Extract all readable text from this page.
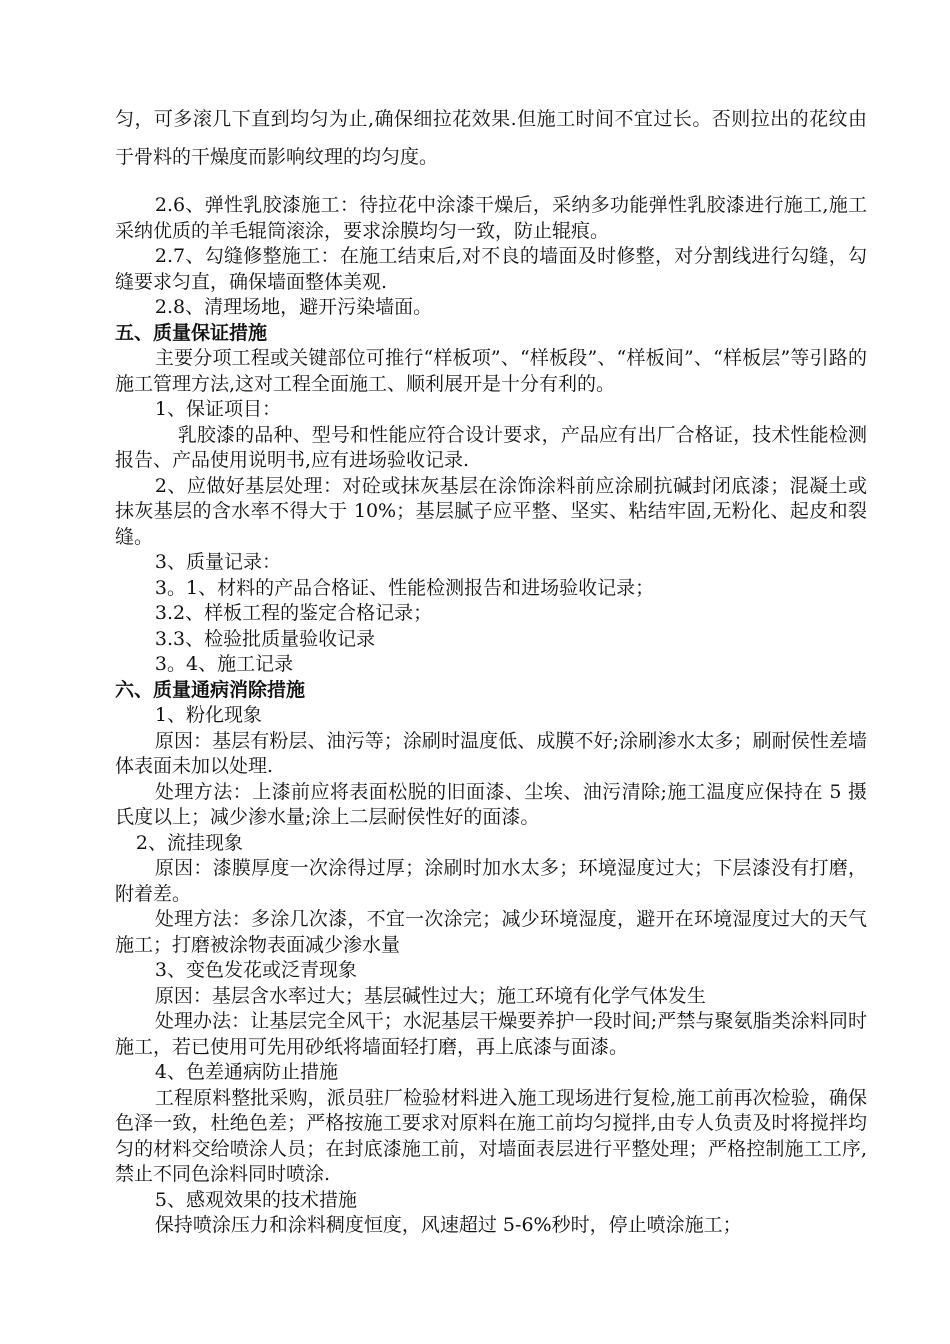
匀，可多滚几下直到均匀为止,确保细拉花效果.但施工时间不宜过长。否则拉出的花纹由于骨料的干燥度而影响纹理的均匀度。

2.6、弹性乳胶漆施工：待拉花中涂漆干燥后，采纳多功能弹性乳胶漆进行施工,施工采纳优质的羊毛辊筒滚涂，要求涂膜均匀一致，防止辊痕。

2.7、勾缝修整施工：在施工结束后,对不良的墙面及时修整，对分割线进行勾缝，勾缝要求匀直，确保墙面整体美观.

2.8、清理场地，避开污染墙面。

五、质量保证措施

主要分项工程或关键部位可推行“样板项”、“样板段”、“样板间”、“样板层”等引路的施工管理方法,这对工程全面施工、顺利展开是十分有利的。

1、保证项目：

乳胶漆的品种、型号和性能应符合设计要求，产品应有出厂合格证，技术性能检测报告、产品使用说明书,应有进场验收记录.

2、应做好基层处理：对砼或抹灰基层在涂饰涂料前应涂刷抗碱封闭底漆；混凝土或抹灰基层的含水率不得大于 10%；基层腻子应平整、坚实、粘结牢固,无粉化、起皮和裂缝。

3、质量记录：

3。1、材料的产品合格证、性能检测报告和进场验收记录；

3.2、样板工程的鉴定合格记录；

3.3、检验批质量验收记录

3。4、施工记录

六、质量通病消除措施

1、粉化现象

原因：基层有粉层、油污等；涂刷时温度低、成膜不好;涂刷渗水太多；刷耐侯性差墙体表面未加以处理.

处理方法：上漆前应将表面松脱的旧面漆、尘埃、油污清除;施工温度应保持在 5 摄氏度以上；减少渗水量;涂上二层耐侯性好的面漆。

2、流挂现象

原因：漆膜厚度一次涂得过厚；涂刷时加水太多；环境湿度过大；下层漆没有打磨，附着差。

处理方法：多涂几次漆，不宜一次涂完；减少环境湿度，避开在环境湿度过大的天气施工；打磨被涂物表面减少渗水量

3、变色发花或泛青现象

原因：基层含水率过大；基层碱性过大；施工环境有化学气体发生

处理办法：让基层完全风干；水泥基层干燥要养护一段时间;严禁与聚氨脂类涂料同时施工，若已使用可先用砂纸将墙面轻打磨，再上底漆与面漆。

4、色差通病防止措施

工程原料整批采购，派员驻厂检验材料进入施工现场进行复检,施工前再次检验，确保色泽一致，杜绝色差；严格按施工要求对原料在施工前均匀搅拌,由专人负责及时将搅拌均匀的材料交给喷涂人员；在封底漆施工前，对墙面表层进行平整处理；严格控制施工工序,禁止不同色涂料同时喷涂.

5、感观效果的技术措施

保持喷涂压力和涂料稠度恒度，风速超过 5-6%秒时，停止喷涂施工；
